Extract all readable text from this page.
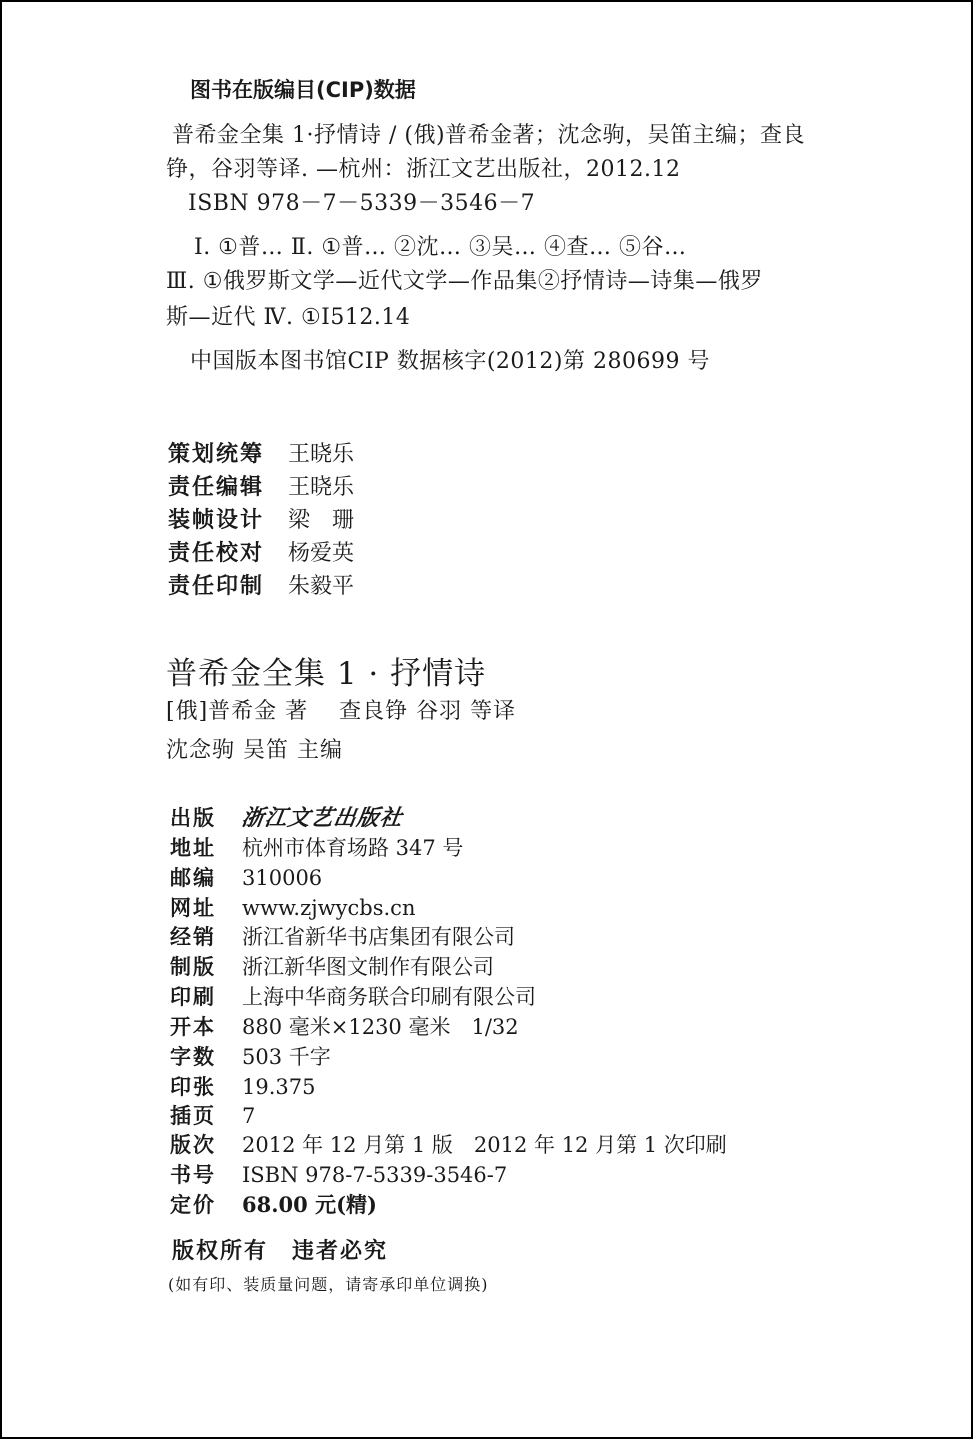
图书在版编目(CIP)数据
普希金全集 1·抒情诗 / (俄)普希金著；沈念驹，吴笛主编；查良
铮，谷羽等译. —杭州：浙江文艺出版社，2012.12
ISBN 978－7－5339－3546－7
Ⅰ. ①普… Ⅱ. ①普… ②沈… ③吴… ④查… ⑤谷…
Ⅲ. ①俄罗斯文学—近代文学—作品集②抒情诗—诗集—俄罗
斯—近代 Ⅳ. ①I512.14
中国版本图书馆CIP 数据核字(2012)第 280699 号
策划统筹 王晓乐
责任编辑 王晓乐
装帧设计 梁　珊
责任校对 杨爱英
责任印制 朱毅平
普希金全集 1 · 抒情诗
[俄]普希金 著　 查良铮 谷羽 等译
沈念驹 吴笛 主编
出版 浙江文艺出版社
地址 杭州市体育场路 347 号
邮编 310006
网址 www.zjwycbs.cn
经销 浙江省新华书店集团有限公司
制版 浙江新华图文制作有限公司
印刷 上海中华商务联合印刷有限公司
开本 880 毫米×1230 毫米　1/32
字数 503 千字
印张 19.375
插页 7
版次 2012 年 12 月第 1 版　2012 年 12 月第 1 次印刷
书号 ISBN 978-7-5339-3546-7
定价 68.00 元(精)
版权所有　违者必究
(如有印、装质量问题，请寄承印单位调换)
